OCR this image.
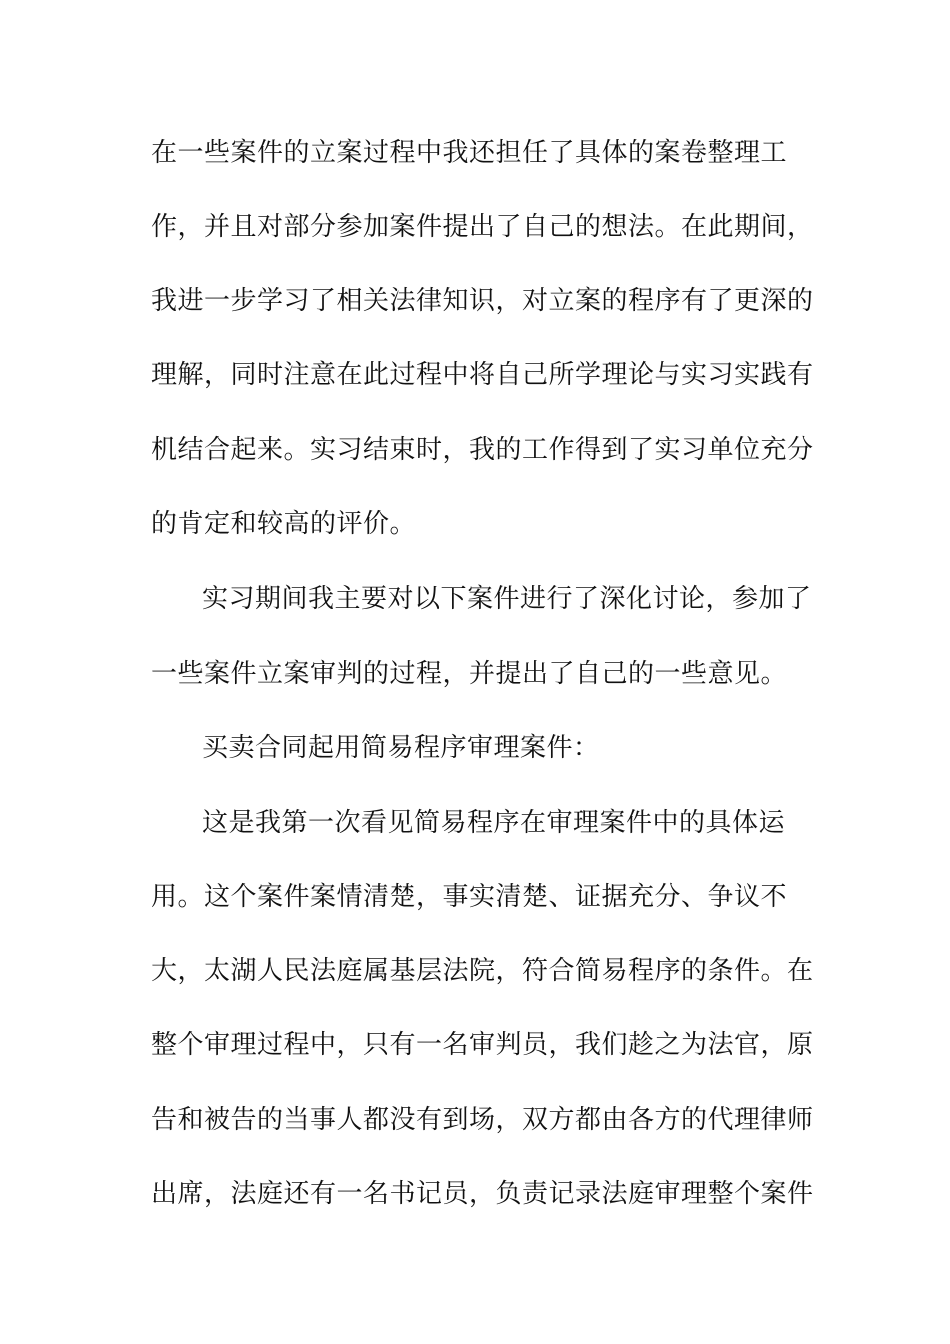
在一些案件的立案过程中我还担任了具体的案卷整理工
作，并且对部分参加案件提出了自己的想法。在此期间，
我进一步学习了相关法律知识，对立案的程序有了更深的
理解，同时注意在此过程中将自己所学理论与实习实践有
机结合起来。实习结束时，我的工作得到了实习单位充分
的肯定和较高的评价。
实习期间我主要对以下案件进行了深化讨论，参加了
一些案件立案审判的过程，并提出了自己的一些意见。
买卖合同起用简易程序审理案件：
这是我第一次看见简易程序在审理案件中的具体运
用。这个案件案情清楚，事实清楚、证据充分、争议不
大，太湖人民法庭属基层法院，符合简易程序的条件。在
整个审理过程中，只有一名审判员，我们趁之为法官，原
告和被告的当事人都没有到场，双方都由各方的代理律师
出席，法庭还有一名书记员，负责记录法庭审理整个案件
